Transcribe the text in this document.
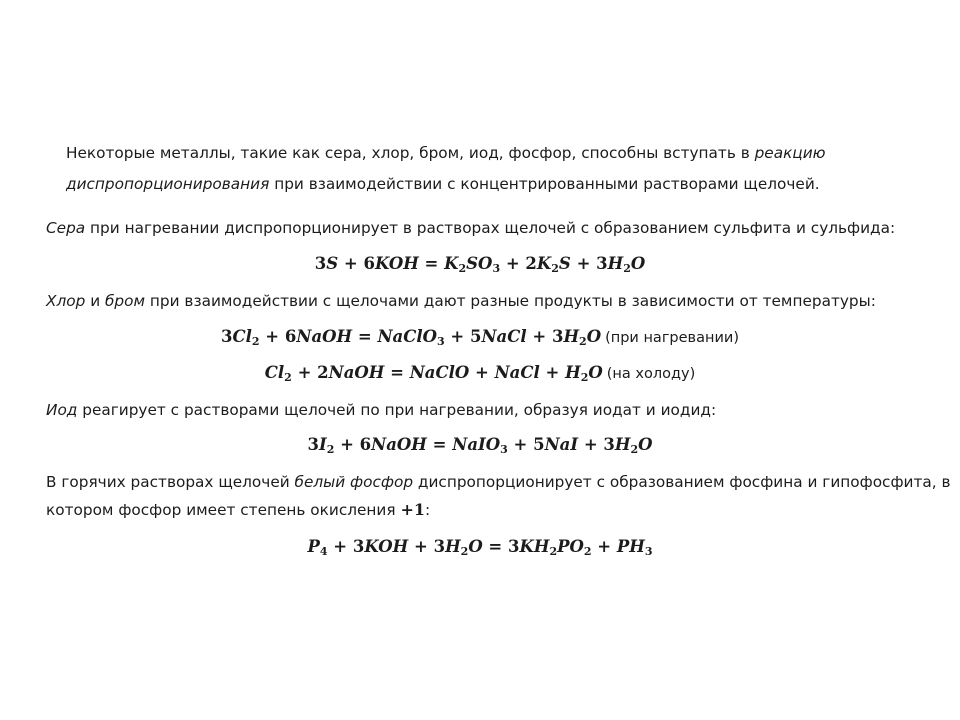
Некоторые металлы, такие как сера, хлор, бром, иод, фосфор, способны вступать в реакцию
диспропорционирования при взаимодействии с концентрированными растворами щелочей.
Сера при нагревании диспропорционирует в растворах щелочей с образованием сульфита и сульфида:
$3S + 6KOH = K_2SO_3 + 2K_2S + 3H_2O$
Хлор и бром при взаимодействии с щелочами дают разные продукты в зависимости от температуры:
$3Cl_2$ + 6NaOH = NaClO$_3$ + 5NaCl + $3H_2O$ (при нагревании)
$Cl_2$ + 2NaOH = NaClO + NaCl + $H_2O$ (на холоду)
Иод реагирует с растворами щелочей по при нагревании, образуя иодат и иодид:
$3I_2$ + 6NaOH = NaIO$_3$ + $5NaI + 3H_2O$
В горячих растворах щелочей белый фосфор диспропорционирует с образованием фосфина и гипофосфита, в
котором фосфор имеет степень окисления +1:
$P_4 + 3KOH + 3H_2O = 3KH_2PO_2 + PH_3$
